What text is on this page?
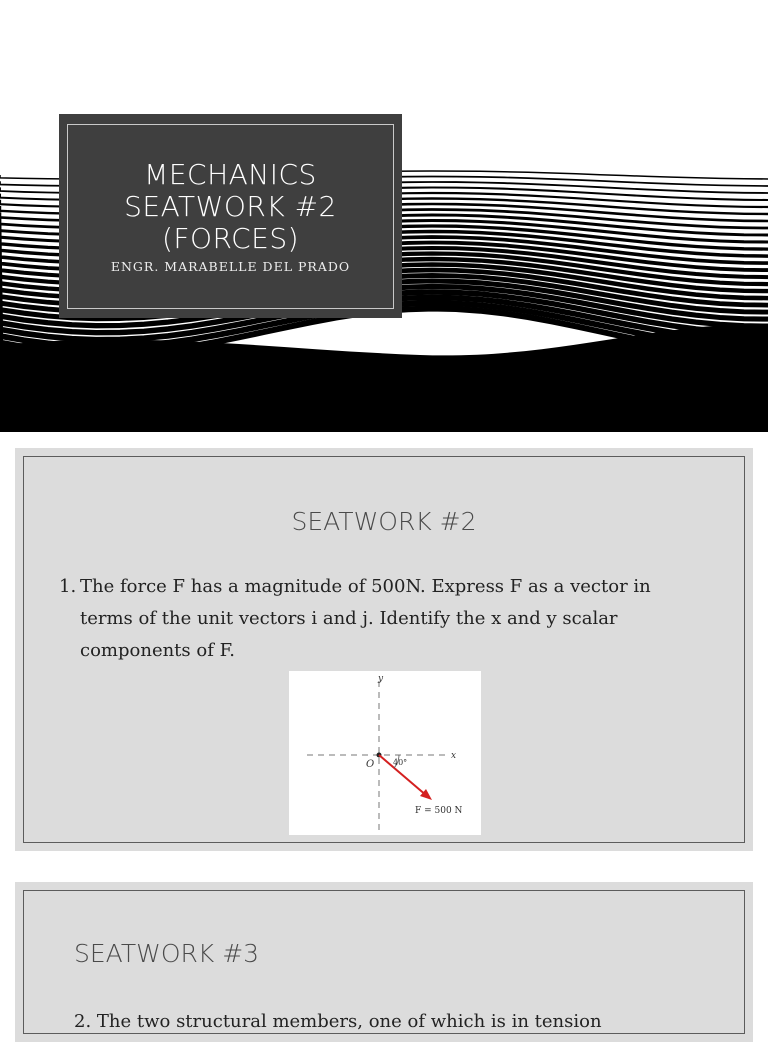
MECHANICS
SEATWORK #2
(FORCES)
ENGR. MARABELLE DEL PRADO
SEATWORK #2
1. The force F has a magnitude of 500N. Express F as a vector in terms of the unit vectors i and j. Identify the x and y scalar components of F.
y
x
O 40°
F = 500 N
SEATWORK #3
2. The two structural members, one of which is in tension
